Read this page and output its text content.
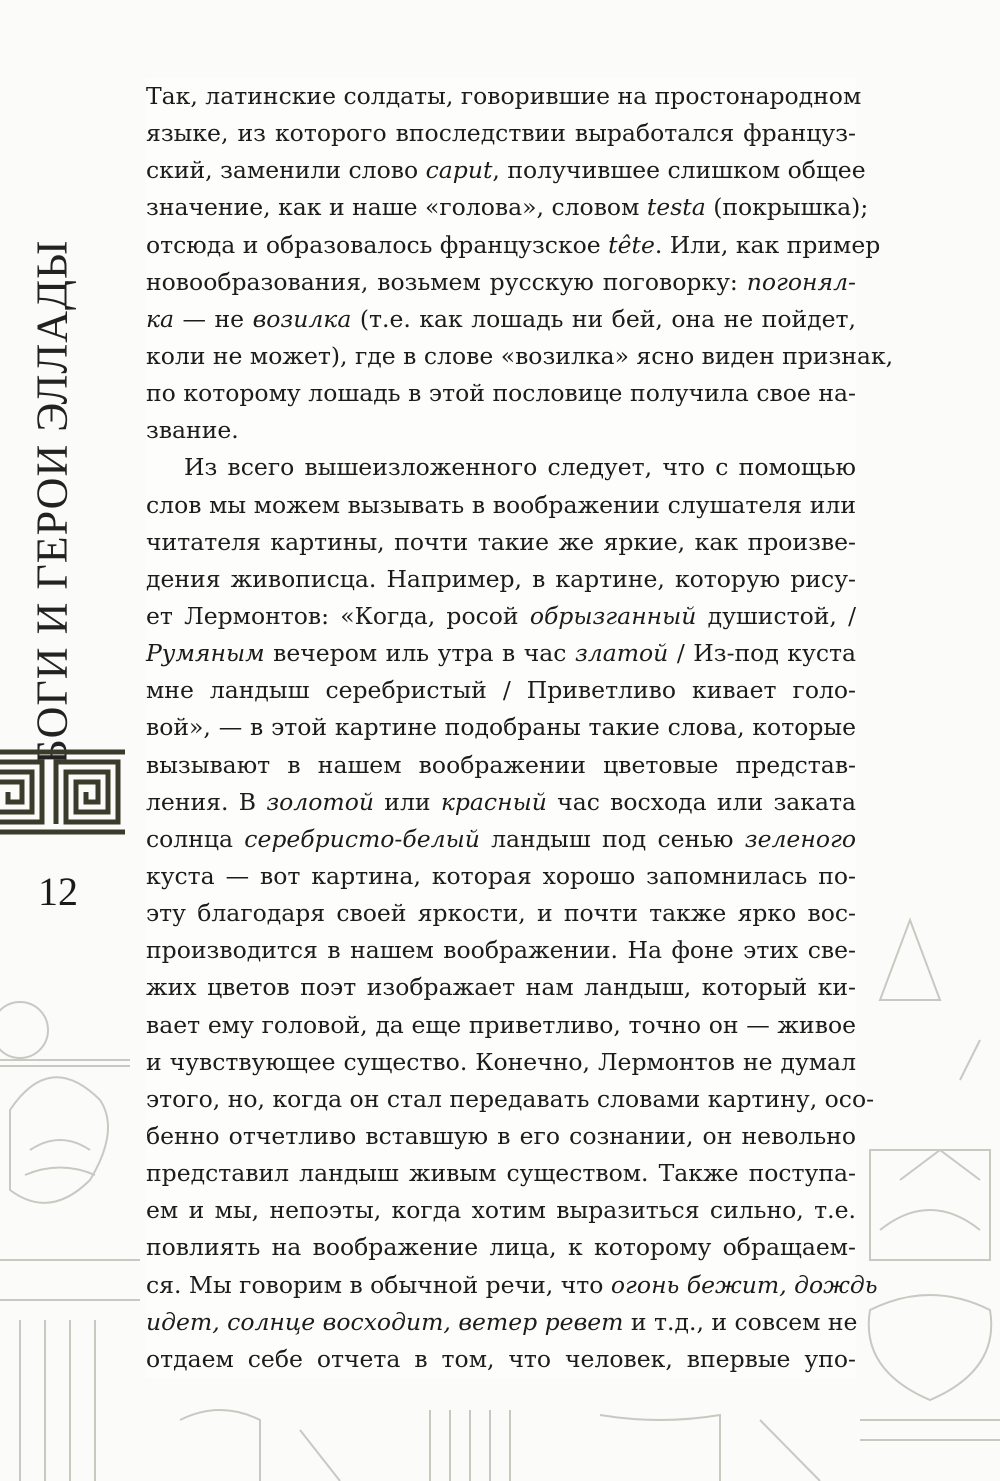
БОГИ И ГЕРОИ ЭЛЛАДЫ
12
Так, латинские солдаты, говорившие на простонародном
языке, из которого впоследствии выработался француз-
ский, заменили слово caput, получившее слишком общее
значение, как и наше «голова», словом testa (покрышка);
отсюда и образовалось французское tête. Или, как пример
новообразования, возьмем русскую поговорку: погонял-
ка — не возилка (т.е. как лошадь ни бей, она не пойдет,
коли не может), где в слове «возилка» ясно виден признак,
по которому лошадь в этой пословице получила свое на-
звание.
Из всего вышеизложенного следует, что с помощью
слов мы можем вызывать в воображении слушателя или
читателя картины, почти такие же яркие, как произве-
дения живописца. Например, в картине, которую рису-
ет Лермонтов: «Когда, росой обрызганный душистой, /
Румяным вечером иль утра в час златой / Из-под куста
мне ландыш серебристый / Приветливо кивает голо-
вой», — в этой картине подобраны такие слова, которые
вызывают в нашем воображении цветовые представ-
ления. В золотой или красный час восхода или заката
солнца серебристо-белый ландыш под сенью зеленого
куста — вот картина, которая хорошо запомнилась по-
эту благодаря своей яркости, и почти также ярко вос-
производится в нашем воображении. На фоне этих све-
жих цветов поэт изображает нам ландыш, который ки-
вает ему головой, да еще приветливо, точно он — живое
и чувствующее существо. Конечно, Лермонтов не думал
этого, но, когда он стал передавать словами картину, осо-
бенно отчетливо вставшую в его сознании, он невольно
представил ландыш живым существом. Также поступа-
ем и мы, непоэты, когда хотим выразиться сильно, т.е.
повлиять на воображение лица, к которому обращаем-
ся. Мы говорим в обычной речи, что огонь бежит, дождь
идет, солнце восходит, ветер ревет и т.д., и совсем не
отдаем себе отчета в том, что человек, впервые упо-
